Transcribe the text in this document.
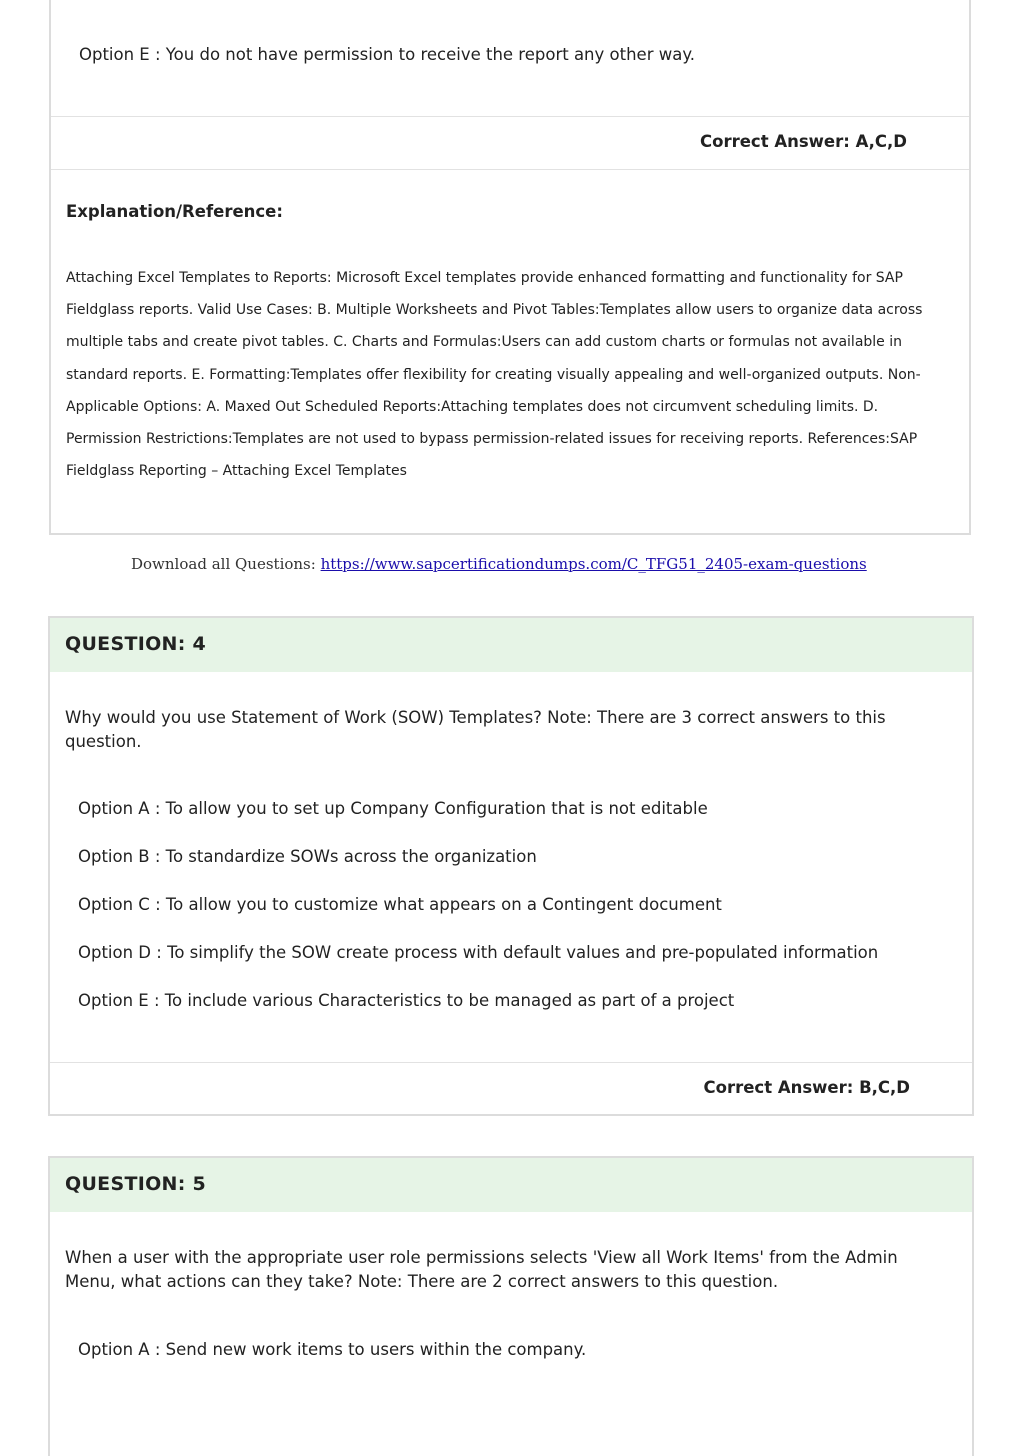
Option E : You do not have permission to receive the report any other way.
Correct Answer: A,C,D
Explanation/Reference:
Attaching Excel Templates to Reports: Microsoft Excel templates provide enhanced formatting and functionality for SAP Fieldglass reports. Valid Use Cases: B. Multiple Worksheets and Pivot Tables:Templates allow users to organize data across multiple tabs and create pivot tables. C. Charts and Formulas:Users can add custom charts or formulas not available in standard reports. E. Formatting:Templates offer flexibility for creating visually appealing and well-organized outputs. Non-Applicable Options: A. Maxed Out Scheduled Reports:Attaching templates does not circumvent scheduling limits. D. Permission Restrictions:Templates are not used to bypass permission-related issues for receiving reports. References:SAP Fieldglass Reporting – Attaching Excel Templates
Download all Questions: https://www.sapcertificationdumps.com/C_TFG51_2405-exam-questions
QUESTION: 4
Why would you use Statement of Work (SOW) Templates? Note: There are 3 correct answers to this question.
Option A : To allow you to set up Company Configuration that is not editable
Option B : To standardize SOWs across the organization
Option C : To allow you to customize what appears on a Contingent document
Option D : To simplify the SOW create process with default values and pre-populated information
Option E : To include various Characteristics to be managed as part of a project
Correct Answer: B,C,D
QUESTION: 5
When a user with the appropriate user role permissions selects 'View all Work Items' from the Admin Menu, what actions can they take? Note: There are 2 correct answers to this question.
Option A : Send new work items to users within the company.
